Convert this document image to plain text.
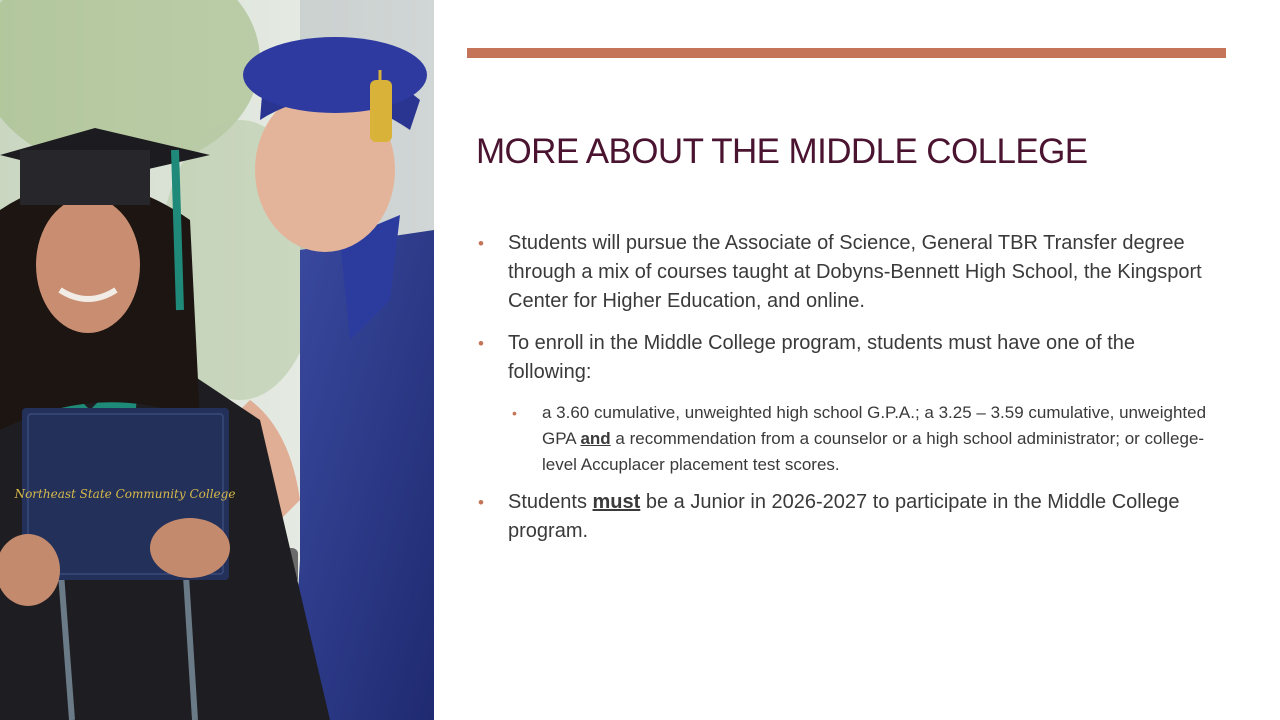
Northeast State Community College
MORE ABOUT THE MIDDLE COLLEGE

• Students will pursue the Associate of Science, General TBR Transfer degree through a mix of courses taught at Dobyns-Bennett High School, the Kingsport Center for Higher Education, and online.

• To enroll in the Middle College program, students must have one of the following:

• a 3.60 cumulative, unweighted high school G.P.A.; a 3.25 – 3.59 cumulative, unweighted GPA and a recommendation from a counselor or a high school administrator; or college-level Accuplacer placement test scores.

• Students must be a Junior in 2026-2027 to participate in the Middle College program.
